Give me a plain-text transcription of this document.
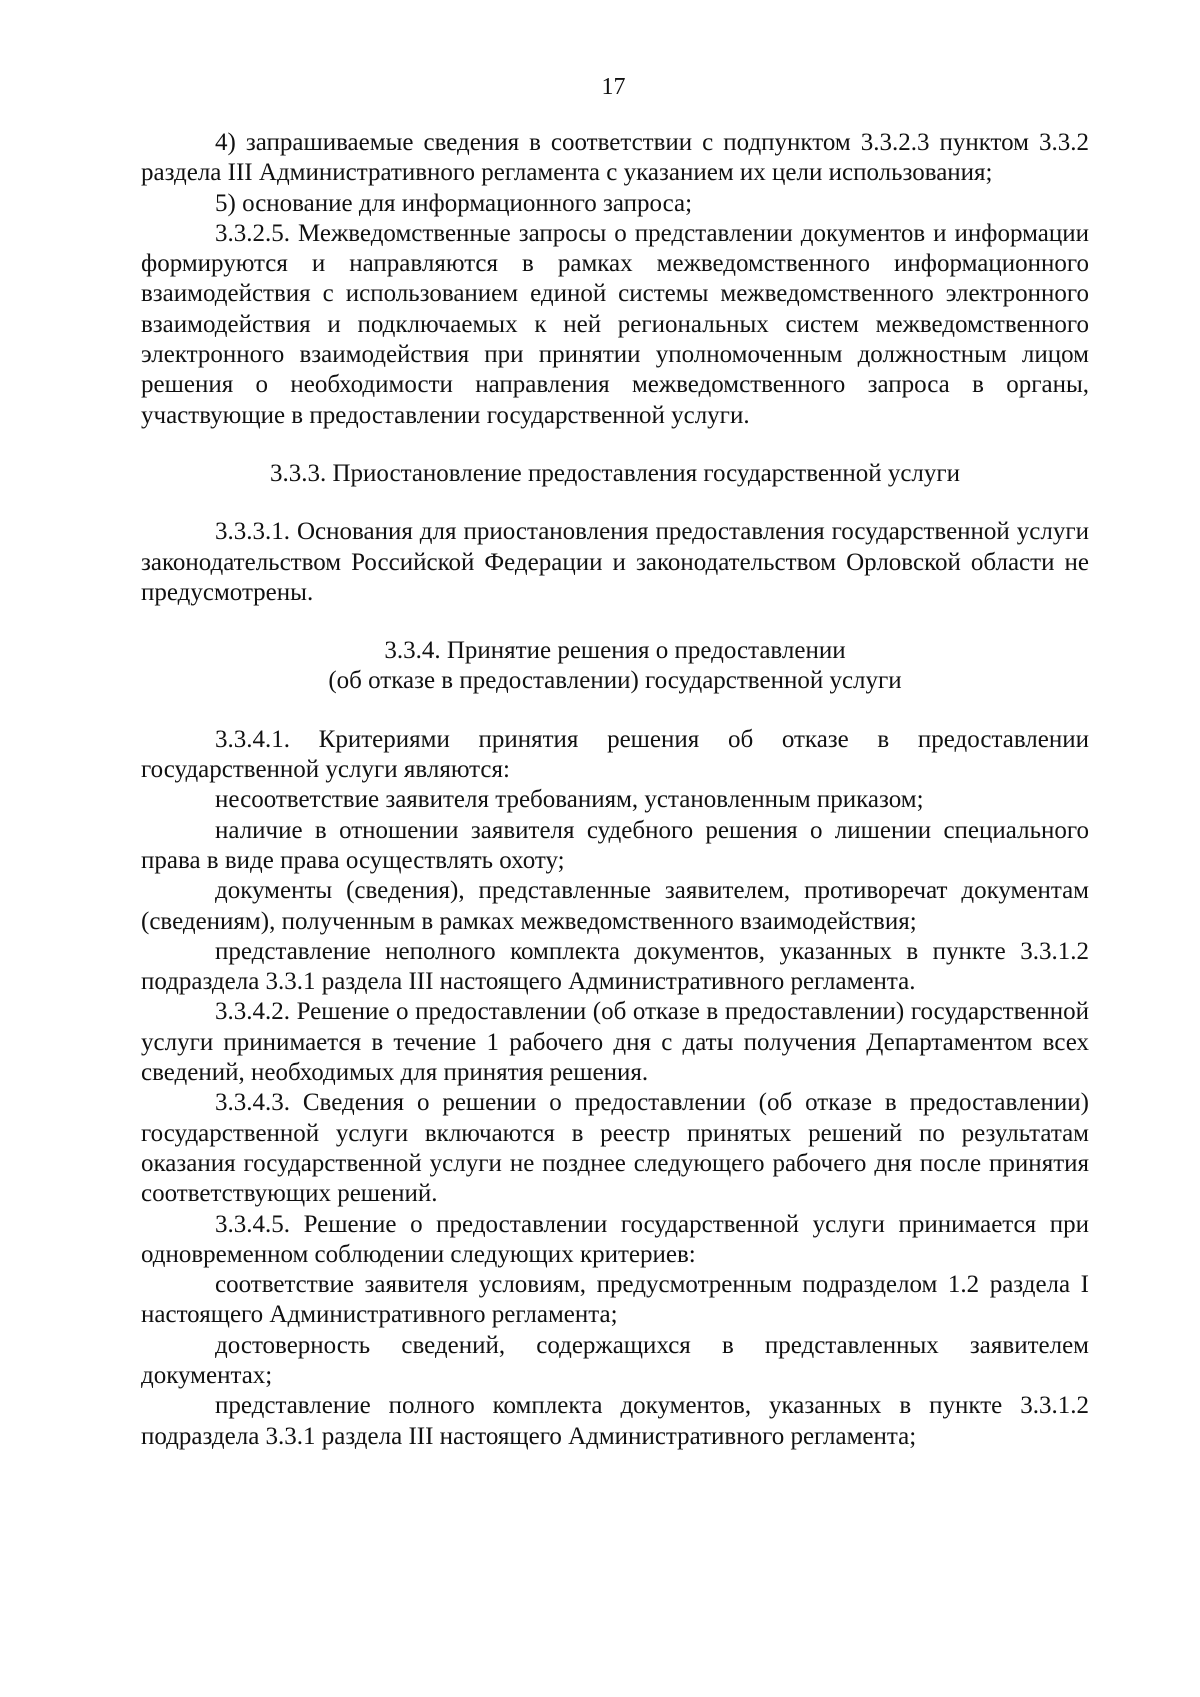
17

4) запрашиваемые сведения в соответствии с подпунктом 3.3.2.3 пунктом 3.3.2 раздела III Административного регламента с указанием их цели использования;

5) основание для информационного запроса;

3.3.2.5. Межведомственные запросы о представлении документов и информации формируются и направляются в рамках межведомственного информационного взаимодействия с использованием единой системы межведомственного электронного взаимодействия и подключаемых к ней региональных систем межведомственного электронного взаимодействия при принятии уполномоченным должностным лицом решения о необходимости направления межведомственного запроса в органы, участвующие в предоставлении государственной услуги.

3.3.3. Приостановление предоставления государственной услуги

3.3.3.1. Основания для приостановления предоставления государственной услуги законодательством Российской Федерации и законодательством Орловской области не предусмотрены.

3.3.4. Принятие решения о предоставлении

(об отказе в предоставлении) государственной услуги

3.3.4.1. Критериями принятия решения об отказе в предоставлении государственной услуги являются:

несоответствие заявителя требованиям, установленным приказом;

наличие в отношении заявителя судебного решения о лишении специального права в виде права осуществлять охоту;

документы (сведения), представленные заявителем, противоречат документам (сведениям), полученным в рамках межведомственного взаимодействия;

представление неполного комплекта документов, указанных в пункте 3.3.1.2 подраздела 3.3.1 раздела III настоящего Административного регламента.

3.3.4.2. Решение о предоставлении (об отказе в предоставлении) государственной услуги принимается в течение 1 рабочего дня с даты получения Департаментом всех сведений, необходимых для принятия решения.

3.3.4.3. Сведения о решении о предоставлении (об отказе в предоставлении) государственной услуги включаются в реестр принятых решений по результатам оказания государственной услуги не позднее следующего рабочего дня после принятия соответствующих решений.

3.3.4.5. Решение о предоставлении государственной услуги принимается при одновременном соблюдении следующих критериев:

соответствие заявителя условиям, предусмотренным подразделом 1.2 раздела I настоящего Административного регламента;

достоверность сведений, содержащихся в представленных заявителем документах;

представление полного комплекта документов, указанных в пункте 3.3.1.2 подраздела 3.3.1 раздела III настоящего Административного регламента;
